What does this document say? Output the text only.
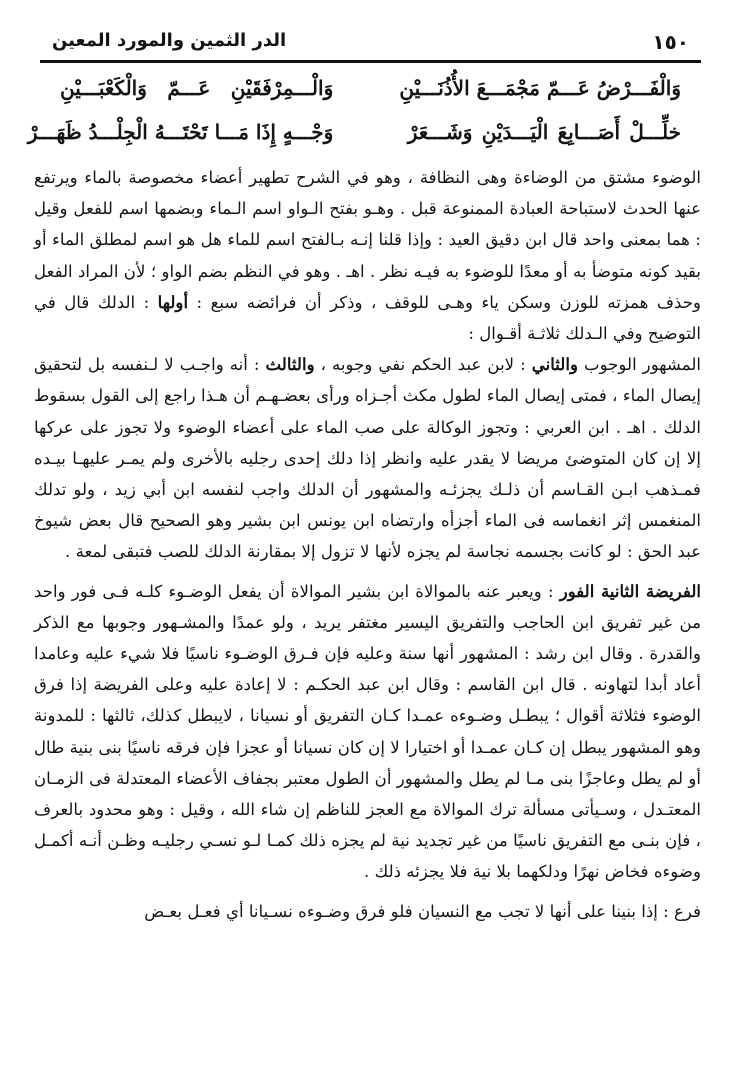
١٥٠
الدر الثمين والمورد المعين
وَالْفَـــرْضُ عَـــمّ مَجْمَـــعَ الأُذُنَـــيْنِ
وَالْـــمِرْفَقَيْنِ عَـــمّ وَالْكَعْبَـــيْنِ
خلِّـــلْ أَصَـــابِعَ الْيَـــدَيْنِ وَشَـــعَرْ
وَجْـــهٍ إِذَا مَـــا تَحْتَـــهُ الْجِلْـــدُ ظَهَـــرْ

الوضوء مشتق من الوضاءة وهى النظافة ، وهو في الشرح تطهير أعضاء مخصوصة بالماء ويرتفع عنها الحدث لاستباحة العبادة الممنوعة قبل . وهـو بفتح الـواو اسم الـماء وبضمها اسم للفعل وقيل : هما بمعنى واحد قال ابن دقيق العيد : وإذا قلنا إنـه بـالفتح اسم للماء هل هو اسم لمطلق الماء أو بقيد كونه متوضأ به أو معدًا للوضوء به فيـه نظر . اهـ . وهو في النظم بضم الواو ؛ لأن المراد الفعل وحذف همزته للوزن وسكن ياء وهـى للوقف ، وذكر أن فرائضه سبع : أولها : الدلك قال في التوضيح وفي الـدلك ثلاثـة أقـوال :

المشهور الوجوب والثاني : لابن عبد الحكم نفي وجوبه ، والثالث : أنه واجـب لا لـنفسه بل لتحقيق إيصال الماء ، فمتى إيصال الماء لطول مكث أجـزاه ورأى بعضـهـم أن هـذا راجع إلى القول بسقوط الدلك . اهـ . ابن العربي : وتجوز الوكالة على صب الماء على أعضاء الوضوء ولا تجوز على عركها إلا إن كان المتوضئ مريضا لا يقدر عليه وانظر إذا دلك إحدى رجليه بالأخرى ولم يمـر عليهـا بيـده فمـذهب ابـن القـاسم أن ذلـك يجزئـه والمشهور أن الدلك واجب لنفسه ابن أبي زيد ، ولو تدلك المنغمس إثر انغماسه فى الماء أجزأه وارتضاه ابن يونس ابن بشير وهو الصحيح قال بعض شيوخ عبد الحق : لو كانت بجسمه نجاسة لم يجزه لأنها لا تزول إلا بمقارنة الدلك للصب فتبقى لمعة .

الفريضة الثانية الفور : ويعبر عنه بالموالاة ابن بشير الموالاة أن يفعل الوضـوء كلـه فـى فور واحد من غير تفريق ابن الحاجب والتفريق اليسير مغتفر يريد ، ولو عمدًا والمشـهور وجوبها مع الذكر والقدرة . وقال ابن رشد : المشهور أنها سنة وعليه فإن فـرق الوضـوء ناسيًا فلا شيء عليه وعامدا أعاد أبدا لتهاونه . قال ابن القاسم : وقال ابن عبد الحكـم : لا إعادة عليه وعلى الفريضة إذا فرق الوضوء فثلاثة أقوال ؛ يبطـل وضـوءه عمـدا كـان التفريق أو نسيانا ، لايبطل كذلك، ثالثها : للمدونة وهو المشهور يبطل إن كـان عمـدا أو اختيارا لا إن كان نسيانا أو عجزا فإن فرقه ناسيًا بنى بنية طال أو لم يطل وعاجزًا بنى مـا لم يطل والمشهور أن الطول معتبر بجفاف الأعضاء المعتدلة فى الزمـان المعتـدل ، وسـيأتى مسألة ترك الموالاة مع العجز للناظم إن شاء الله ، وقيل : وهو محدود بالعرف ، فإن بنـى مع التفريق ناسيًا من غير تجديد نية لم يجزه ذلك كمـا لـو نسـي رجليـه وظـن أنـه أكمـل وضوءه فخاض نهرًا ودلكهما بلا نية فلا يجزئه ذلك .

فرع : إذا بنينا على أنها لا تجب مع النسيان فلو فرق وضـوءه نسـيانا أي فعـل بعـض
